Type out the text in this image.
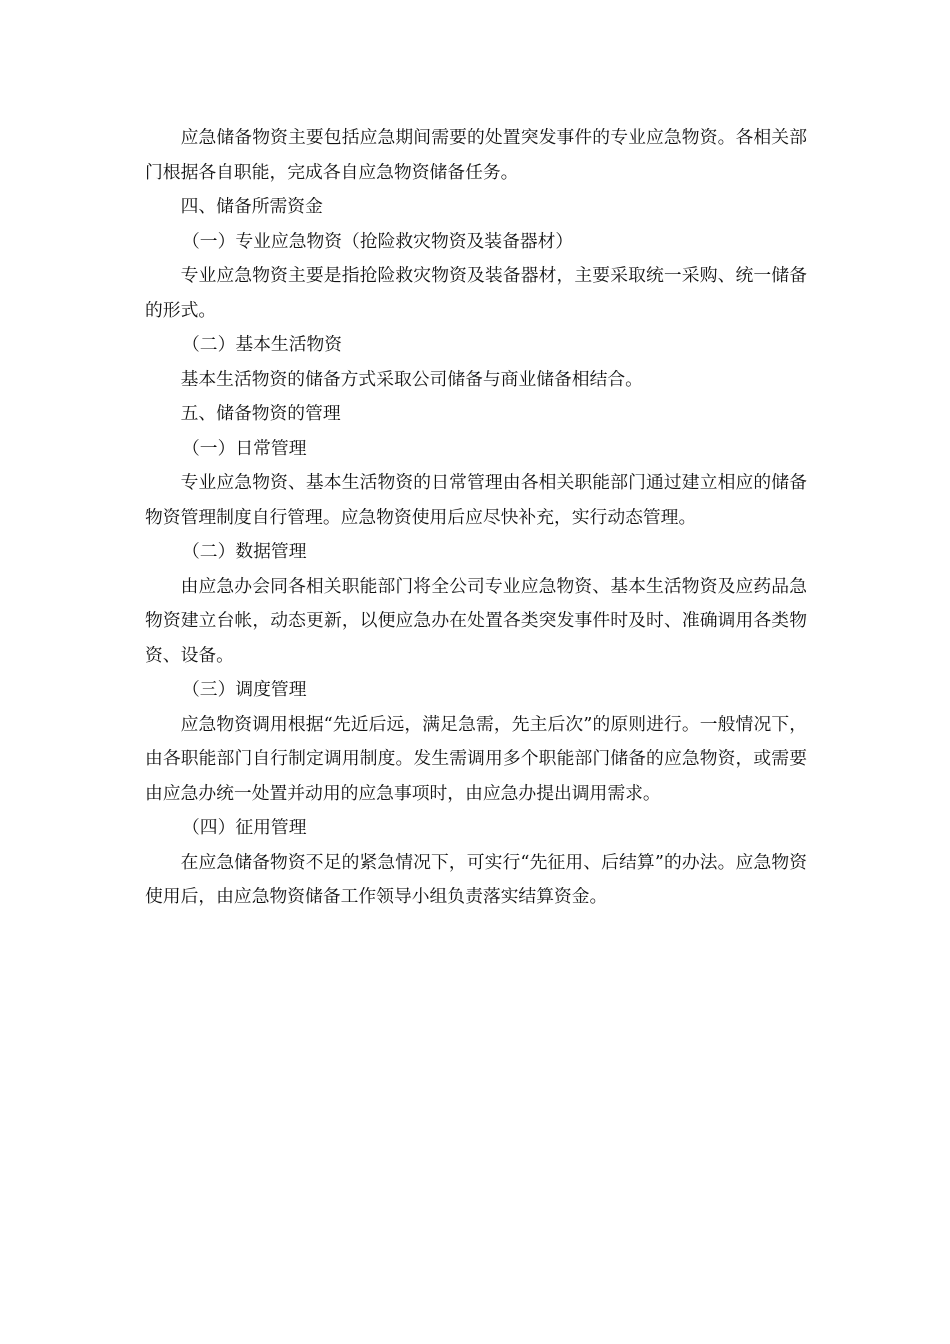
应急储备物资主要包括应急期间需要的处置突发事件的专业应急物资。各相关部门根据各自职能，完成各自应急物资储备任务。

四、储备所需资金

（一）专业应急物资（抢险救灾物资及装备器材）

专业应急物资主要是指抢险救灾物资及装备器材，主要采取统一采购、统一储备的形式。

（二）基本生活物资

基本生活物资的储备方式采取公司储备与商业储备相结合。

五、储备物资的管理

（一）日常管理

专业应急物资、基本生活物资的日常管理由各相关职能部门通过建立相应的储备物资管理制度自行管理。应急物资使用后应尽快补充，实行动态管理。

（二）数据管理

由应急办会同各相关职能部门将全公司专业应急物资、基本生活物资及应药品急物资建立台帐，动态更新，以便应急办在处置各类突发事件时及时、准确调用各类物资、设备。

（三）调度管理

应急物资调用根据“先近后远，满足急需，先主后次”的原则进行。一般情况下，由各职能部门自行制定调用制度。发生需调用多个职能部门储备的应急物资，或需要由应急办统一处置并动用的应急事项时，由应急办提出调用需求。

（四）征用管理

在应急储备物资不足的紧急情况下，可实行“先征用、后结算”的办法。应急物资使用后，由应急物资储备工作领导小组负责落实结算资金。
